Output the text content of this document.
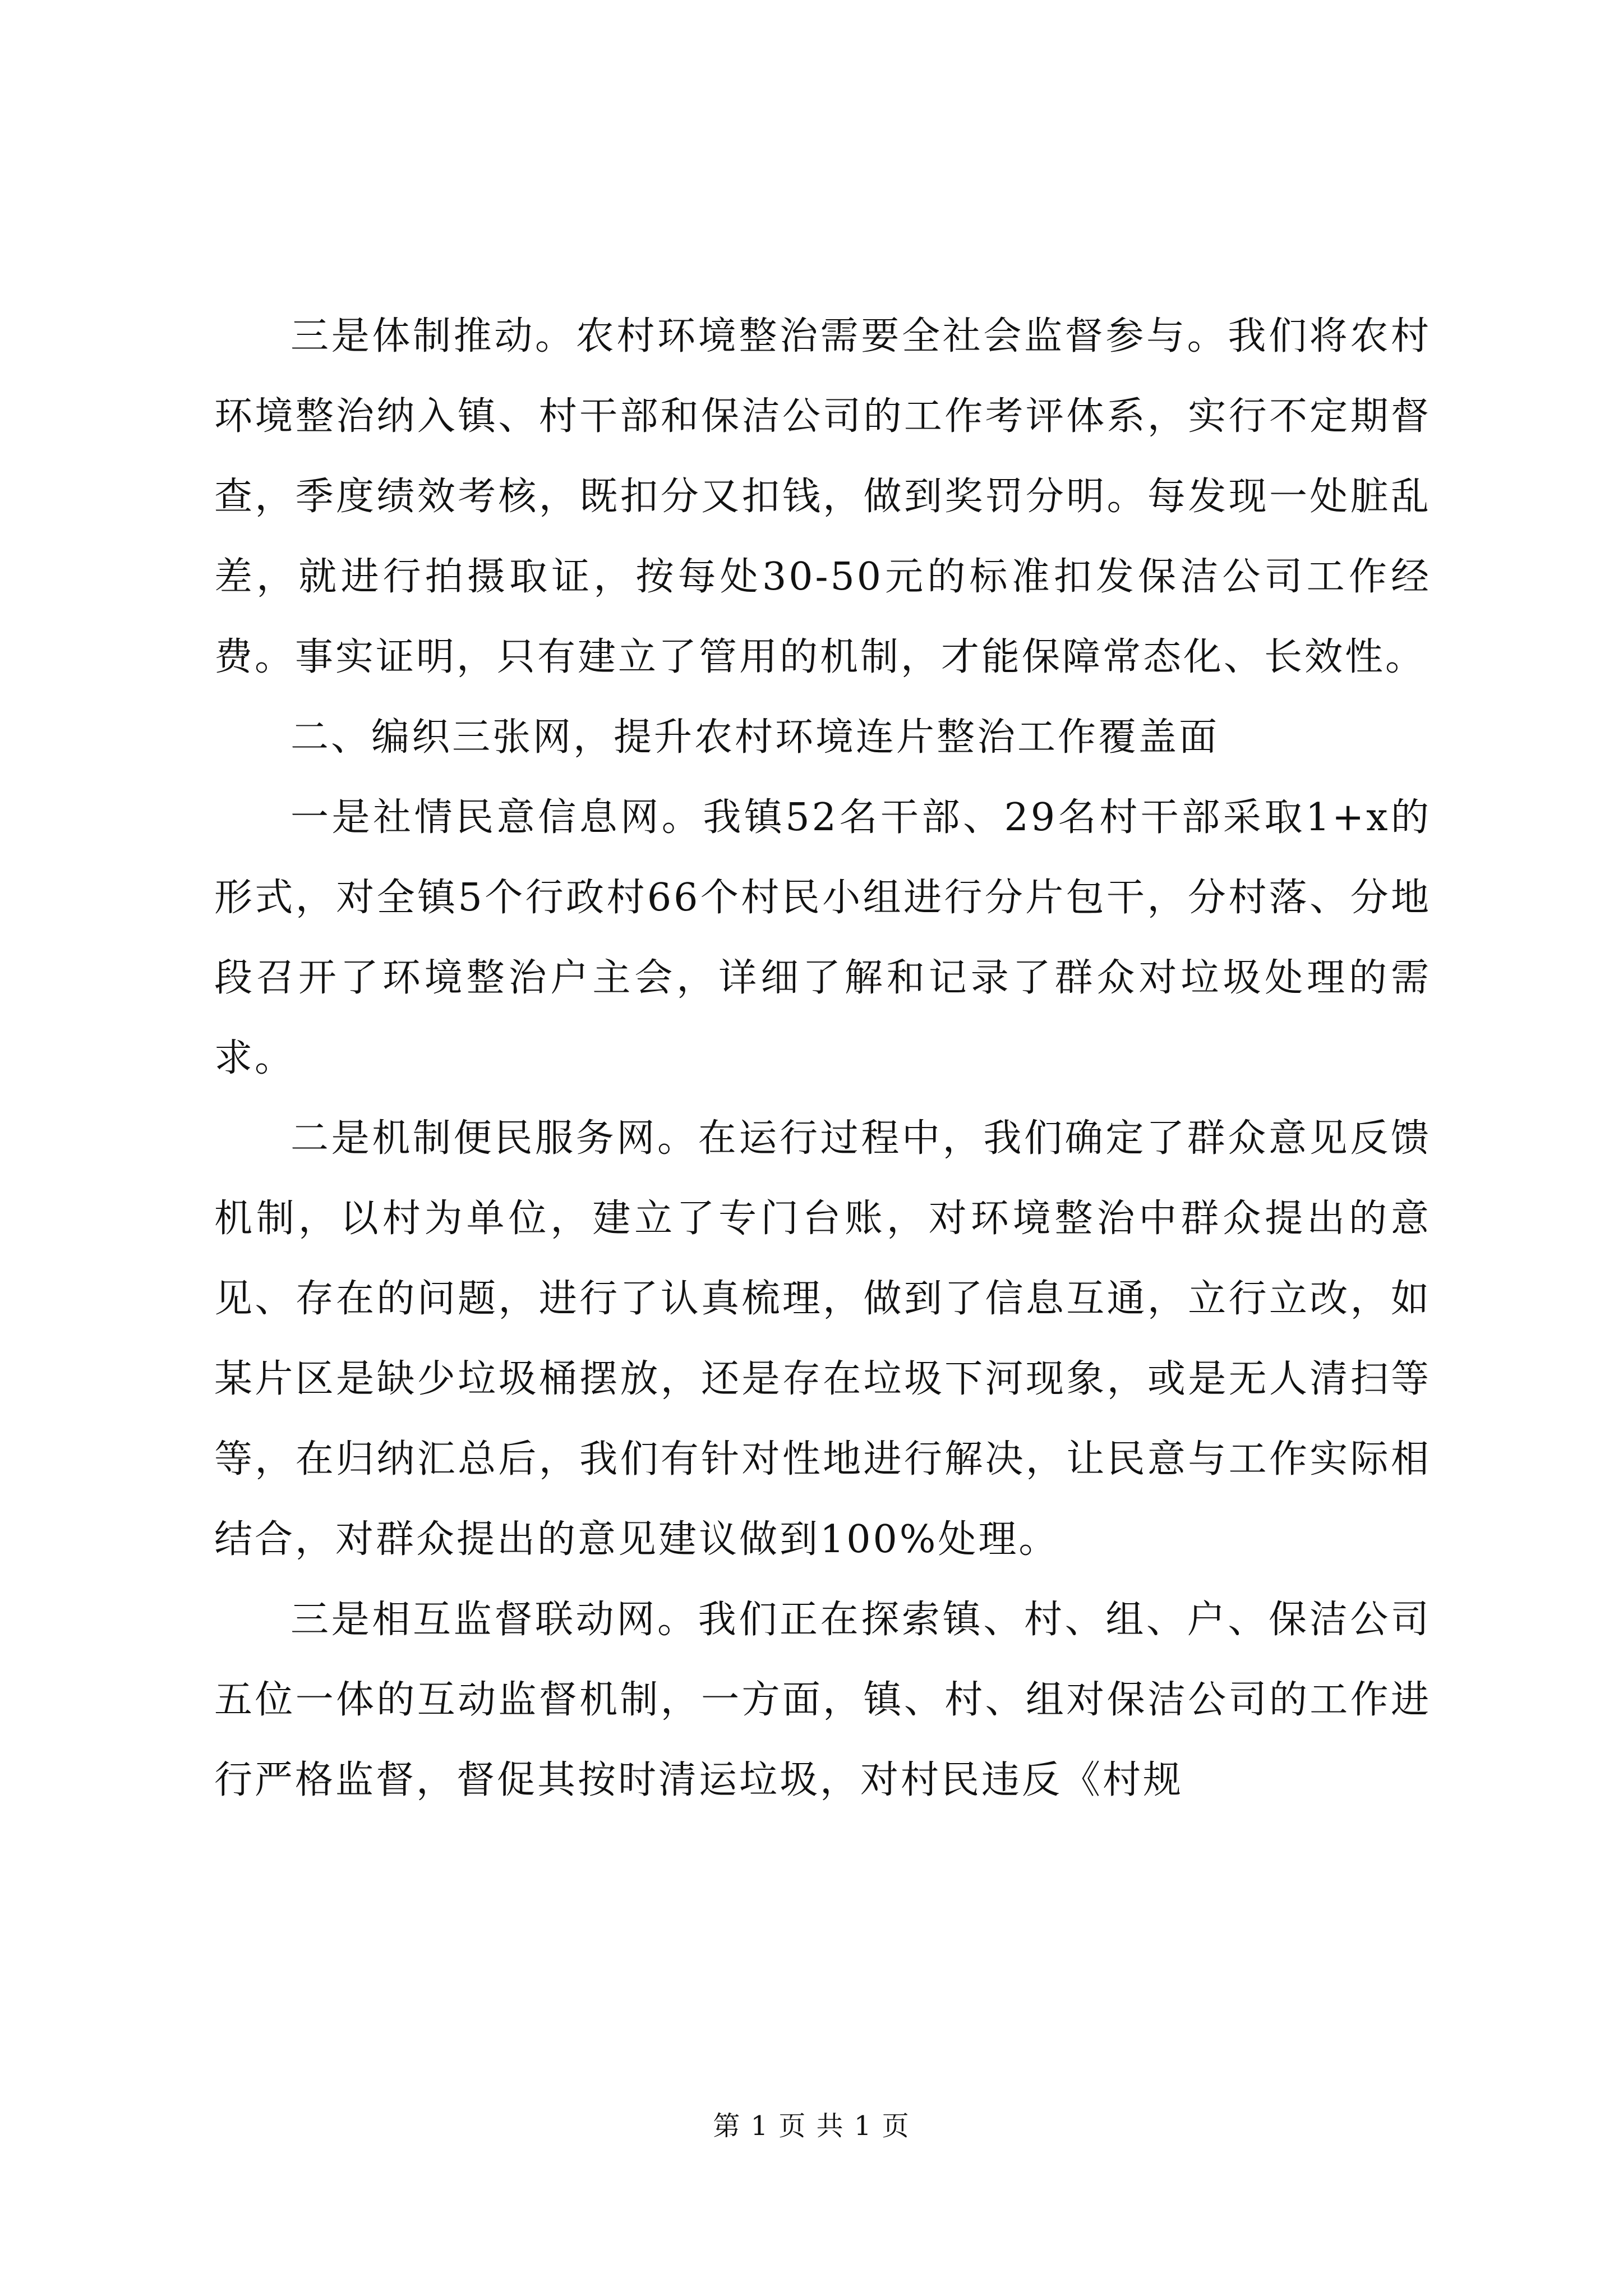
三是体制推动。农村环境整治需要全社会监督参与。我们将农村环境整治纳入镇、村干部和保洁公司的工作考评体系，实行不定期督查，季度绩效考核，既扣分又扣钱，做到奖罚分明。每发现一处脏乱差，就进行拍摄取证，按每处30-50元的标准扣发保洁公司工作经费。事实证明，只有建立了管用的机制，才能保障常态化、长效性。

二、编织三张网，提升农村环境连片整治工作覆盖面

一是社情民意信息网。我镇52名干部、29名村干部采取1+x的形式，对全镇5个行政村66个村民小组进行分片包干，分村落、分地段召开了环境整治户主会，详细了解和记录了群众对垃圾处理的需求。

二是机制便民服务网。在运行过程中，我们确定了群众意见反馈机制，以村为单位，建立了专门台账，对环境整治中群众提出的意见、存在的问题，进行了认真梳理，做到了信息互通，立行立改，如某片区是缺少垃圾桶摆放，还是存在垃圾下河现象，或是无人清扫等等，在归纳汇总后，我们有针对性地进行解决，让民意与工作实际相结合，对群众提出的意见建议做到100%处理。

三是相互监督联动网。我们正在探索镇、村、组、户、保洁公司五位一体的互动监督机制，一方面，镇、村、组对保洁公司的工作进行严格监督，督促其按时清运垃圾，对村民违反《村规

第 1 页 共 1 页
